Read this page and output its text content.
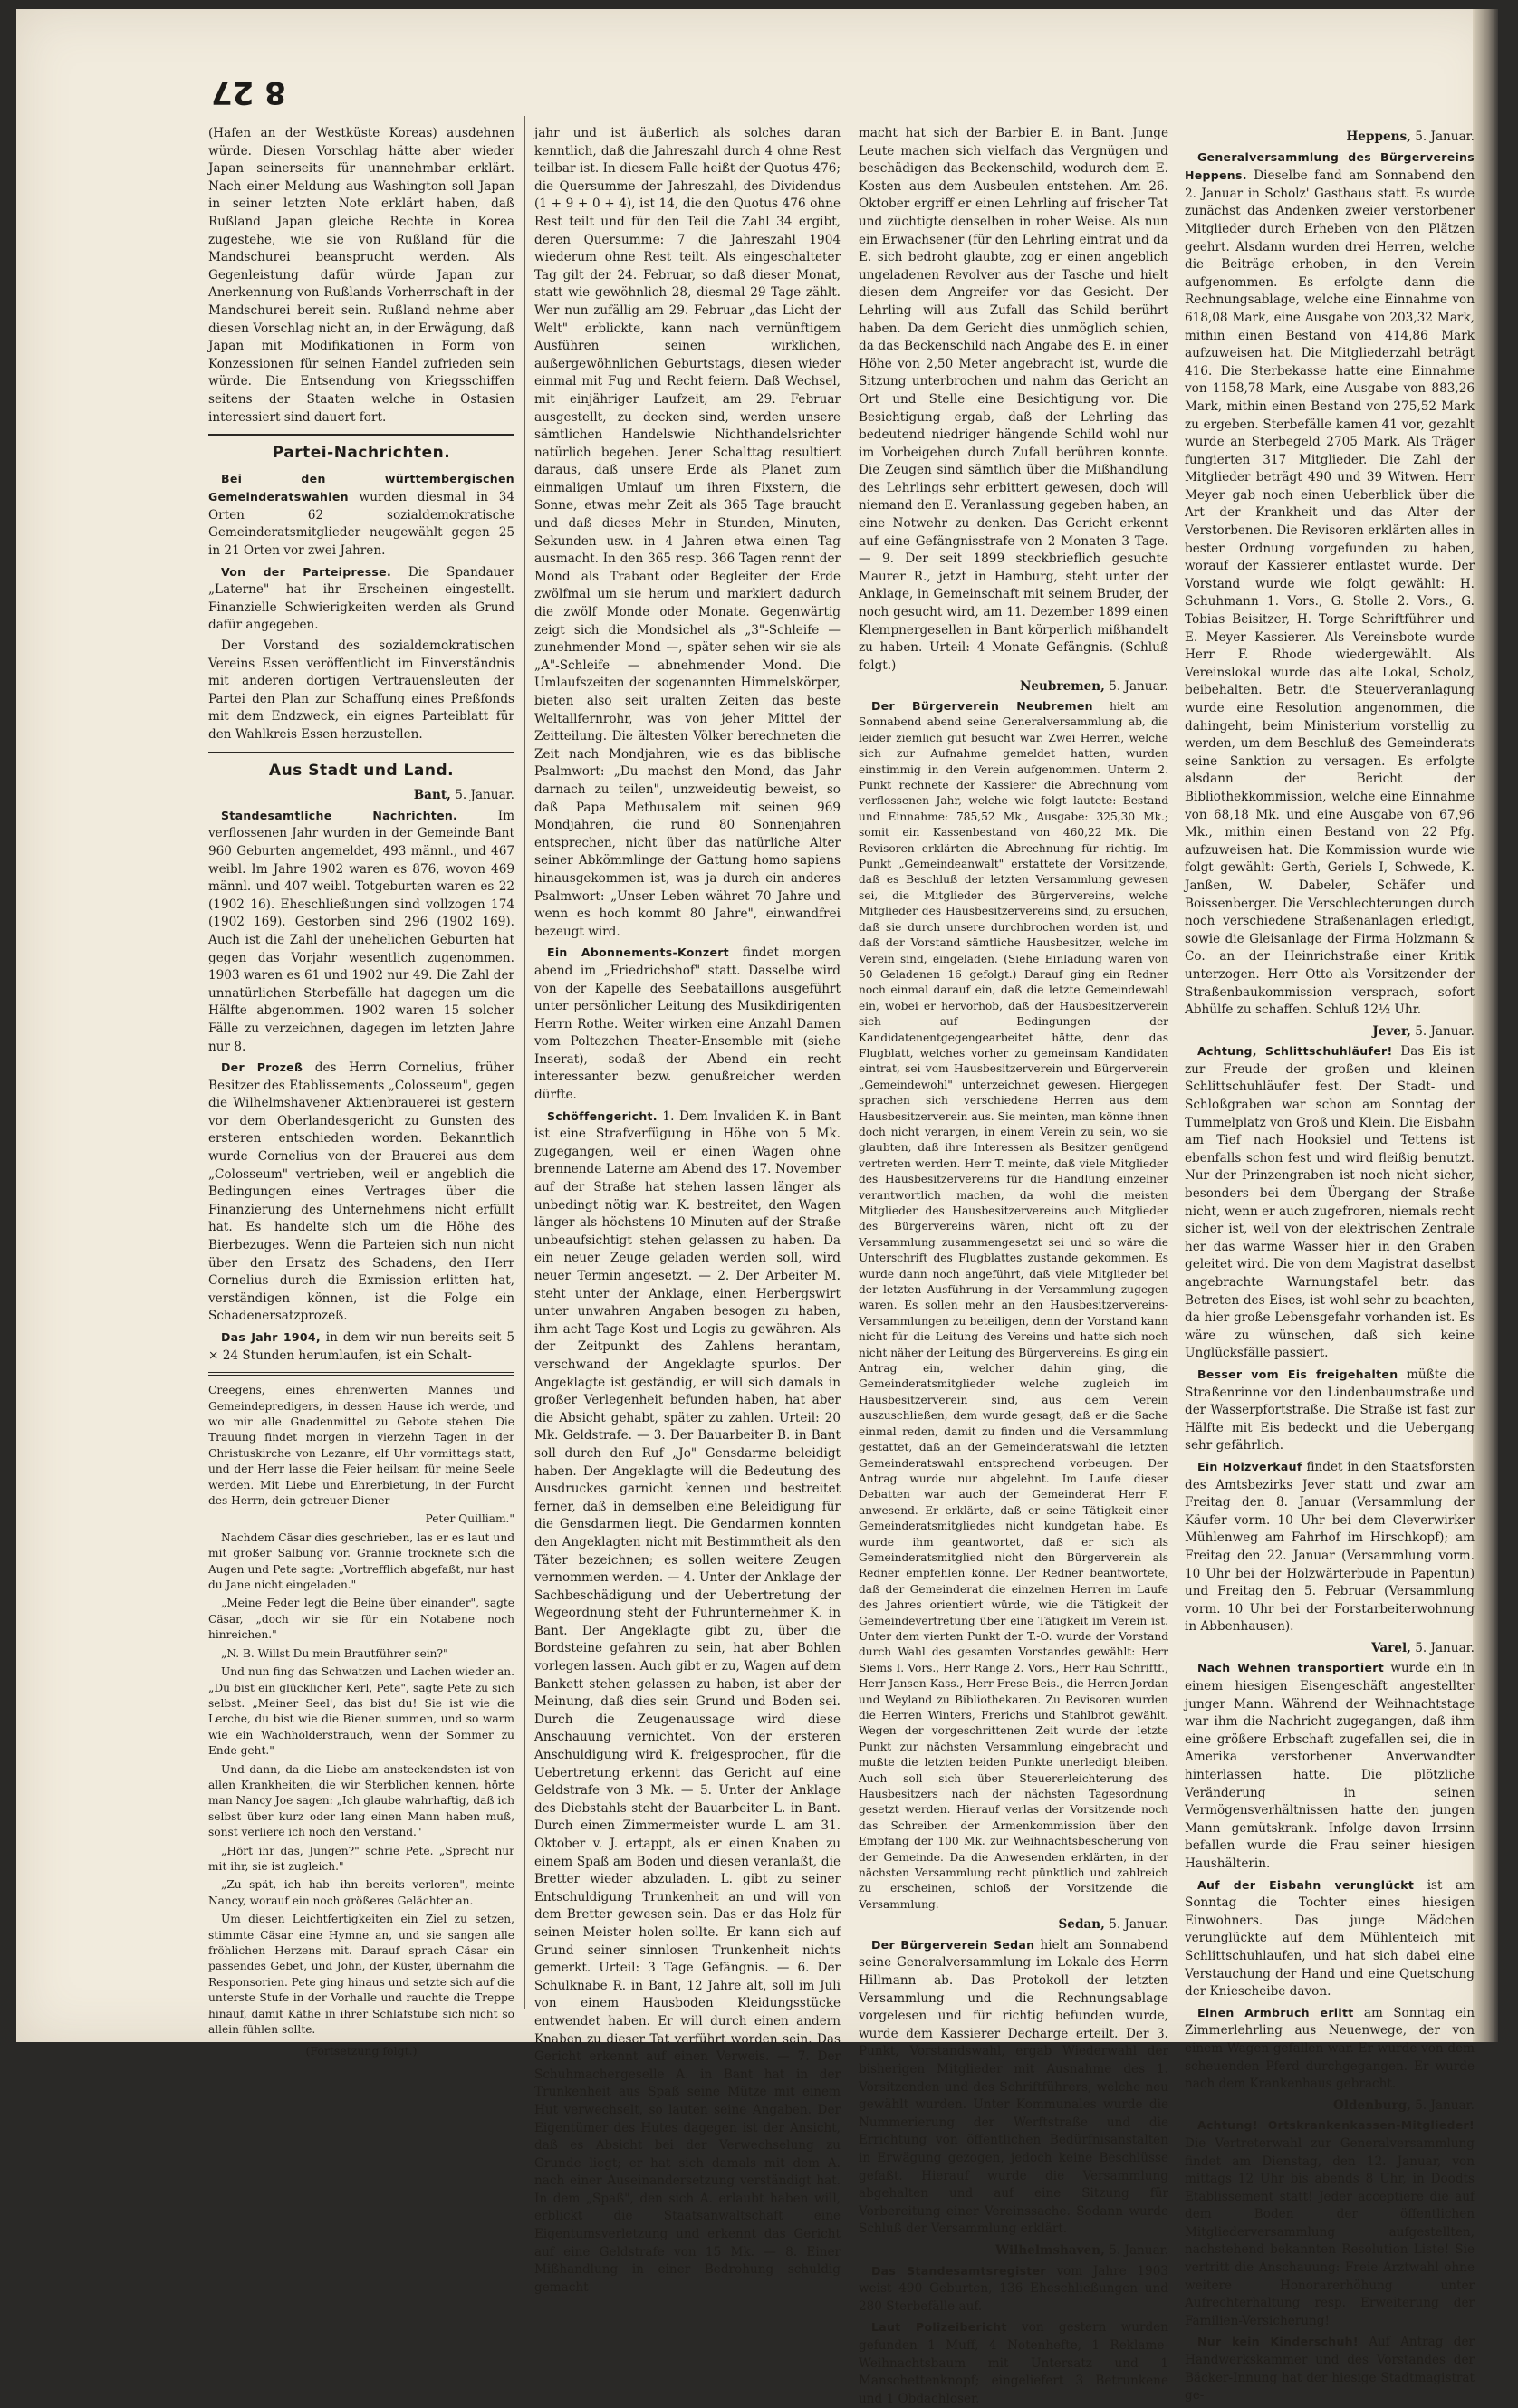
8 27

(Hafen an der Westküste Koreas) ausdehnen würde. Diesen Vorschlag hätte aber wieder Japan seinerseits für unannehmbar erklärt. Nach einer Meldung aus Washington soll Japan in seiner letzten Note erklärt haben, daß Rußland Japan gleiche Rechte in Korea zugestehe, wie sie von Rußland für die Mandschurei beansprucht werden. Als Gegenleistung dafür würde Japan zur Anerkennung von Rußlands Vorherrschaft in der Mandschurei bereit sein. Rußland nehme aber diesen Vorschlag nicht an, in der Erwägung, daß Japan mit Modifikationen in Form von Konzessionen für seinen Handel zufrieden sein würde. Die Entsendung von Kriegsschiffen seitens der Staaten welche in Ostasien interessiert sind dauert fort.

Partei-Nachrichten.

Bei den württembergischen Gemeinderatswahlen wurden diesmal in 34 Orten 62 sozialdemokratische Gemeinderatsmitglieder neugewählt gegen 25 in 21 Orten vor zwei Jahren.

Von der Parteipresse. Die Spandauer „Laterne" hat ihr Erscheinen eingestellt. Finanzielle Schwierigkeiten werden als Grund dafür angegeben.

Der Vorstand des sozialdemokratischen Vereins Essen veröffentlicht im Einverständnis mit anderen dortigen Vertrauensleuten der Partei den Plan zur Schaffung eines Preßfonds mit dem Endzweck, ein eignes Parteiblatt für den Wahlkreis Essen herzustellen.

Aus Stadt und Land.
Bant, 5. Januar.

Standesamtliche Nachrichten. Im verflossenen Jahr wurden in der Gemeinde Bant 960 Geburten angemeldet, 493 männl., und 467 weibl. Im Jahre 1902 waren es 876, wovon 469 männl. und 407 weibl. Totgeburten waren es 22 (1902 16). Eheschließungen sind vollzogen 174 (1902 169). Gestorben sind 296 (1902 169). Auch ist die Zahl der unehelichen Geburten hat gegen das Vorjahr wesentlich zugenommen. 1903 waren es 61 und 1902 nur 49. Die Zahl der unnatürlichen Sterbefälle hat dagegen um die Hälfte abgenommen. 1902 waren 15 solcher Fälle zu verzeichnen, dagegen im letzten Jahre nur 8.

Der Prozeß des Herrn Cornelius, früher Besitzer des Etablissements „Colosseum", gegen die Wilhelmshavener Aktienbrauerei ist gestern vor dem Oberlandesgericht zu Gunsten des ersteren entschieden worden. Bekanntlich wurde Cornelius von der Brauerei aus dem „Colosseum" vertrieben, weil er angeblich die Bedingungen eines Vertrages über die Finanzierung des Unternehmens nicht erfüllt hat. Es handelte sich um die Höhe des Bierbezuges. Wenn die Parteien sich nun nicht über den Ersatz des Schadens, den Herr Cornelius durch die Exmission erlitten hat, verständigen können, ist die Folge ein Schadenersatzprozeß.

Das Jahr 1904, in dem wir nun bereits seit 5 × 24 Stunden herumlaufen, ist ein Schalt-

Creegens, eines ehrenwerten Mannes und Gemeindepredigers, in dessen Hause ich werde, und wo mir alle Gnadenmittel zu Gebote stehen. Die Trauung findet morgen in vierzehn Tagen in der Christuskirche von Lezanre, elf Uhr vormittags statt, und der Herr lasse die Feier heilsam für meine Seele werden. Mit Liebe und Ehrerbietung, in der Furcht des Herrn, dein getreuer Diener

Peter Quilliam."

Nachdem Cäsar dies geschrieben, las er es laut und mit großer Salbung vor. Grannie trocknete sich die Augen und Pete sagte: „Vortrefflich abgefaßt, nur hast du Jane nicht eingeladen."

„Meine Feder legt die Beine über einander", sagte Cäsar, „doch wir sie für ein Notabene noch hinreichen."

„N. B. Willst Du mein Brautführer sein?"

Und nun fing das Schwatzen und Lachen wieder an. „Du bist ein glücklicher Kerl, Pete", sagte Pete zu sich selbst. „Meiner Seel', das bist du! Sie ist wie die Lerche, du bist wie die Bienen summen, und so warm wie ein Wachholderstrauch, wenn der Sommer zu Ende geht."

Und dann, da die Liebe am ansteckendsten ist von allen Krankheiten, die wir Sterblichen kennen, hörte man Nancy Joe sagen: „Ich glaube wahrhaftig, daß ich selbst über kurz oder lang einen Mann haben muß, sonst verliere ich noch den Verstand."

„Hört ihr das, Jungen?" schrie Pete. „Sprecht nur mit ihr, sie ist zugleich."

„Zu spät, ich hab' ihn bereits verloren", meinte Nancy, worauf ein noch größeres Gelächter an.

Um diesen Leichtfertigkeiten ein Ziel zu setzen, stimmte Cäsar eine Hymne an, und sie sangen alle fröhlichen Herzens mit. Darauf sprach Cäsar ein passendes Gebet, und John, der Küster, übernahm die Responsorien. Pete ging hinaus und setzte sich auf die unterste Stufe in der Vorhalle und rauchte die Treppe hinauf, damit Käthe in ihrer Schlafstube sich nicht so allein fühlen sollte.

(Fortsetzung folgt.)

jahr und ist äußerlich als solches daran kenntlich, daß die Jahreszahl durch 4 ohne Rest teilbar ist. In diesem Falle heißt der Quotus 476; die Quersumme der Jahreszahl, des Dividendus (1 + 9 + 0 + 4), ist 14, die den Quotus 476 ohne Rest teilt und für den Teil die Zahl 34 ergibt, deren Quersumme: 7 die Jahreszahl 1904 wiederum ohne Rest teilt. Als eingeschalteter Tag gilt der 24. Februar, so daß dieser Monat, statt wie gewöhnlich 28, diesmal 29 Tage zählt. Wer nun zufällig am 29. Februar „das Licht der Welt" erblickte, kann nach vernünftigem Ausführen seinen wirklichen, außergewöhnlichen Geburtstags, diesen wieder einmal mit Fug und Recht feiern. Daß Wechsel, mit einjähriger Laufzeit, am 29. Februar ausgestellt, zu decken sind, werden unsere sämtlichen Handelswie Nichthandelsrichter natürlich begehen. Jener Schalttag resultiert daraus, daß unsere Erde als Planet zum einmaligen Umlauf um ihren Fixstern, die Sonne, etwas mehr Zeit als 365 Tage braucht und daß dieses Mehr in Stunden, Minuten, Sekunden usw. in 4 Jahren etwa einen Tag ausmacht. In den 365 resp. 366 Tagen rennt der Mond als Trabant oder Begleiter der Erde zwölfmal um sie herum und markiert dadurch die zwölf Monde oder Monate. Gegenwärtig zeigt sich die Mondsichel als „3"-Schleife — zunehmender Mond —, später sehen wir sie als „A"-Schleife — abnehmender Mond. Die Umlaufszeiten der sogenannten Himmelskörper, bieten also seit uralten Zeiten das beste Weltallfernrohr, was von jeher Mittel der Zeitteilung. Die ältesten Völker berechneten die Zeit nach Mondjahren, wie es das biblische Psalmwort: „Du machst den Mond, das Jahr darnach zu teilen", unzweideutig beweist, so daß Papa Methusalem mit seinen 969 Mondjahren, die rund 80 Sonnenjahren entsprechen, nicht über das natürliche Alter seiner Abkömmlinge der Gattung homo sapiens hinausgekommen ist, was ja durch ein anderes Psalmwort: „Unser Leben währet 70 Jahre und wenn es hoch kommt 80 Jahre", einwandfrei bezeugt wird.

Ein Abonnements-Konzert findet morgen abend im „Friedrichshof" statt. Dasselbe wird von der Kapelle des Seebataillons ausgeführt unter persönlicher Leitung des Musikdirigenten Herrn Rothe. Weiter wirken eine Anzahl Damen vom Poltezchen Theater-Ensemble mit (siehe Inserat), sodaß der Abend ein recht interessanter bezw. genußreicher werden dürfte.

Schöffengericht. 1. Dem Invaliden K. in Bant ist eine Strafverfügung in Höhe von 5 Mk. zugegangen, weil er einen Wagen ohne brennende Laterne am Abend des 17. November auf der Straße hat stehen lassen länger als unbedingt nötig war. K. bestreitet, den Wagen länger als höchstens 10 Minuten auf der Straße unbeaufsichtigt stehen gelassen zu haben. Da ein neuer Zeuge geladen werden soll, wird neuer Termin angesetzt. — 2. Der Arbeiter M. steht unter der Anklage, einen Herbergswirt unter unwahren Angaben besogen zu haben, ihm acht Tage Kost und Logis zu gewähren. Als der Zeitpunkt des Zahlens herantam, verschwand der Angeklagte spurlos. Der Angeklagte ist geständig, er will sich damals in großer Verlegenheit befunden haben, hat aber die Absicht gehabt, später zu zahlen. Urteil: 20 Mk. Geldstrafe. — 3. Der Bauarbeiter B. in Bant soll durch den Ruf „Jo" Gensdarme beleidigt haben. Der Angeklagte will die Bedeutung des Ausdruckes garnicht kennen und bestreitet ferner, daß in demselben eine Beleidigung für die Gensdarmen liegt. Die Gendarmen konnten den Angeklagten nicht mit Bestimmtheit als den Täter bezeichnen; es sollen weitere Zeugen vernommen werden. — 4. Unter der Anklage der Sachbeschädigung und der Uebertretung der Wegeordnung steht der Fuhrunternehmer K. in Bant. Der Angeklagte gibt zu, über die Bordsteine gefahren zu sein, hat aber Bohlen vorlegen lassen. Auch gibt er zu, Wagen auf dem Bankett stehen gelassen zu haben, ist aber der Meinung, daß dies sein Grund und Boden sei. Durch die Zeugenaussage wird diese Anschauung vernichtet. Von der ersteren Anschuldigung wird K. freigesprochen, für die Uebertretung erkennt das Gericht auf eine Geldstrafe von 3 Mk. — 5. Unter der Anklage des Diebstahls steht der Bauarbeiter L. in Bant. Durch einen Zimmermeister wurde L. am 31. Oktober v. J. ertappt, als er einen Knaben zu einem Spaß am Boden und diesen veranlaßt, die Bretter wieder abzuladen. L. gibt zu seiner Entschuldigung Trunkenheit an und will von dem Bretter gewesen sein. Das er das Holz für seinen Meister holen sollte. Er kann sich auf Grund seiner sinnlosen Trunkenheit nichts gemerkt. Urteil: 3 Tage Gefängnis. — 6. Der Schulknabe R. in Bant, 12 Jahre alt, soll im Juli von einem Hausboden Kleidungsstücke entwendet haben. Er will durch einen andern Knaben zu dieser Tat verführt worden sein. Das Gericht erkennt auf einen Verweis. — 7. Der Schuhmachergeselle A. in Bant hat in der Trunkenheit aus Spaß seine Mütze mit einem Hut verwechselt, so lauten seine Angaben. Der Eigentümer des Hutes dagegen ist der Ansicht, daß es Absicht bei der Verwechselung zu Grunde liegt; er hat sich damals mit dem A. nach einer Auseinandersetzung verständigt hat. In dem „Spaß", den sich A. erlaubt haben will, erblickt die Staatsanwaltschaft eine Eigentumsverletzung und erkennt das Gericht auf eine Geldstrafe von 15 Mk. — 8. Einer Mißhandlung in einer Bedrohung schuldig gemacht

macht hat sich der Barbier E. in Bant. Junge Leute machen sich vielfach das Vergnügen und beschädigen das Beckenschild, wodurch dem E. Kosten aus dem Ausbeulen entstehen. Am 26. Oktober ergriff er einen Lehrling auf frischer Tat und züchtigte denselben in roher Weise. Als nun ein Erwachsener (für den Lehrling eintrat und da E. sich bedroht glaubte, zog er einen angeblich ungeladenen Revolver aus der Tasche und hielt diesen dem Angreifer vor das Gesicht. Der Lehrling will aus Zufall das Schild berührt haben. Da dem Gericht dies unmöglich schien, da das Beckenschild nach Angabe des E. in einer Höhe von 2,50 Meter angebracht ist, wurde die Sitzung unterbrochen und nahm das Gericht an Ort und Stelle eine Besichtigung vor. Die Besichtigung ergab, daß der Lehrling das bedeutend niedriger hängende Schild wohl nur im Vorbeigehen durch Zufall berühren konnte. Die Zeugen sind sämtlich über die Mißhandlung des Lehrlings sehr erbittert gewesen, doch will niemand den E. Veranlassung gegeben haben, an eine Notwehr zu denken. Das Gericht erkennt auf eine Gefängnisstrafe von 2 Monaten 3 Tage. — 9. Der seit 1899 steckbrieflich gesuchte Maurer R., jetzt in Hamburg, steht unter der Anklage, in Gemeinschaft mit seinem Bruder, der noch gesucht wird, am 11. Dezember 1899 einen Klempnergesellen in Bant körperlich mißhandelt zu haben. Urteil: 4 Monate Gefängnis. (Schluß folgt.)

Neubremen, 5. Januar.

Der Bürgerverein Neubremen hielt am Sonnabend abend seine Generalversammlung ab, die leider ziemlich gut besucht war. Zwei Herren, welche sich zur Aufnahme gemeldet hatten, wurden einstimmig in den Verein aufgenommen. Unterm 2. Punkt rechnete der Kassierer die Abrechnung vom verflossenen Jahr, welche wie folgt lautete: Bestand und Einnahme: 785,52 Mk., Ausgabe: 325,30 Mk.; somit ein Kassenbestand von 460,22 Mk. Die Revisoren erklärten die Abrechnung für richtig. Im Punkt „Gemeindeanwalt" erstattete der Vorsitzende, daß es Beschluß der letzten Versammlung gewesen sei, die Mitglieder des Bürgervereins, welche Mitglieder des Hausbesitzervereins sind, zu ersuchen, daß sie durch unsere durchbrochen worden ist, und daß der Vorstand sämtliche Hausbesitzer, welche im Verein sind, eingeladen. (Siehe Einladung waren von 50 Geladenen 16 gefolgt.) Darauf ging ein Redner noch einmal darauf ein, daß die letzte Gemeindewahl ein, wobei er hervorhob, daß der Hausbesitzerverein sich auf Bedingungen der Kandidatenentgegengearbeitet hätte, denn das Flugblatt, welches vorher zu gemeinsam Kandidaten eintrat, sei vom Hausbesitzerverein und Bürgerverein „Gemeindewohl" unterzeichnet gewesen. Hiergegen sprachen sich verschiedene Herren aus dem Hausbesitzerverein aus. Sie meinten, man könne ihnen doch nicht verargen, in einem Verein zu sein, wo sie glaubten, daß ihre Interessen als Besitzer genügend vertreten werden. Herr T. meinte, daß viele Mitglieder des Hausbesitzervereins für die Handlung einzelner verantwortlich machen, da wohl die meisten Mitglieder des Hausbesitzervereins auch Mitglieder des Bürgervereins wären, nicht oft zu der Versammlung zusammengesetzt sei und so wäre die Unterschrift des Flugblattes zustande gekommen. Es wurde dann noch angeführt, daß viele Mitglieder bei der letzten Ausführung in der Versammlung zugegen waren. Es sollen mehr an den Hausbesitzervereins-Versammlungen zu beteiligen, denn der Vorstand kann nicht für die Leitung des Vereins und hatte sich noch nicht näher der Leitung des Bürgervereins. Es ging ein Antrag ein, welcher dahin ging, die Gemeinderatsmitglieder welche zugleich im Hausbesitzerverein sind, aus dem Verein auszuschließen, dem wurde gesagt, daß er die Sache einmal reden, damit zu finden und die Versammlung gestattet, daß an der Gemeinderatswahl die letzten Gemeinderatswahl entsprechend vorbeugen. Der Antrag wurde nur abgelehnt. Im Laufe dieser Debatten war auch der Gemeinderat Herr F. anwesend. Er erklärte, daß er seine Tätigkeit einer Gemeinderatsmitgliedes nicht kundgetan habe. Es wurde ihm geantwortet, daß er sich als Gemeinderatsmitglied nicht den Bürgerverein als Redner empfehlen könne. Der Redner beantwortete, daß der Gemeinderat die einzelnen Herren im Laufe des Jahres orientiert würde, wie die Tätigkeit der Gemeindevertretung über eine Tätigkeit im Verein ist. Unter dem vierten Punkt der T.-O. wurde der Vorstand durch Wahl des gesamten Vorstandes gewählt: Herr Siems I. Vors., Herr Range 2. Vors., Herr Rau Schriftf., Herr Jansen Kass., Herr Frese Beis., die Herren Jordan und Weyland zu Bibliothekaren. Zu Revisoren wurden die Herren Winters, Frerichs und Stahlbrot gewählt. Wegen der vorgeschrittenen Zeit wurde der letzte Punkt zur nächsten Versammlung eingebracht und mußte die letzten beiden Punkte unerledigt bleiben. Auch soll sich über Steuererleichterung des Hausbesitzers nach der nächsten Tagesordnung gesetzt werden. Hierauf verlas der Vorsitzende noch das Schreiben der Armenkommission über den Empfang der 100 Mk. zur Weihnachtsbescherung von der Gemeinde. Da die Anwesenden erklärten, in der nächsten Versammlung recht pünktlich und zahlreich zu erscheinen, schloß der Vorsitzende die Versammlung.

Sedan, 5. Januar.

Der Bürgerverein Sedan hielt am Sonnabend seine Generalversammlung im Lokale des Herrn Hillmann ab. Das Protokoll der letzten Versammlung und die Rechnungsablage vorgelesen und für richtig befunden wurde, wurde dem Kassierer Decharge erteilt. Der 3. Punkt, Vorstandswahl, ergab Wiederwahl der bisherigen Mitglieder mit Ausnahme des 1. Vorsitzenden und des Schriftführers, welche neu gewählt wurden. Unter Kommunales wurde die Nummerierung der Werftstraße und die Errichtung von öffentlichen Bedürfnisanstalten in Erwägung gezogen, jedoch keine Beschlüsse gefaßt. Hierauf wurde die Versammlung abgehalten und auf eine Sitzung für Vorbereitung einer Vereinssache. Sodann wurde Schluß der Versammlung erklärt.

Wilhelmshaven, 5. Januar.

Das Standesamtsregister vom Jahre 1903 weist 490 Geburten, 136 Eheschließungen und 280 Sterbefälle auf.

Laut Polizeibericht von gestern wurden gefunden 1 Muff, 4 Notenhefte, 1 Reklame-Weihnachtsbaum mit Untersatz und 1 Manschettenknopf; eingeliefert 3 Betrunkene und 1 Obdachloser.

Heppens, 5. Januar.

Generalversammlung des Bürgervereins Heppens. Dieselbe fand am Sonnabend den 2. Januar in Scholz' Gasthaus statt. Es wurde zunächst das Andenken zweier verstorbener Mitglieder durch Erheben von den Plätzen geehrt. Alsdann wurden drei Herren, welche die Beiträge erhoben, in den Verein aufgenommen. Es erfolgte dann die Rechnungsablage, welche eine Einnahme von 618,08 Mark, eine Ausgabe von 203,32 Mark, mithin einen Bestand von 414,86 Mark aufzuweisen hat. Die Mitgliederzahl beträgt 416. Die Sterbekasse hatte eine Einnahme von 1158,78 Mark, eine Ausgabe von 883,26 Mark, mithin einen Bestand von 275,52 Mark zu ergeben. Sterbefälle kamen 41 vor, gezahlt wurde an Sterbegeld 2705 Mark. Als Träger fungierten 317 Mitglieder. Die Zahl der Mitglieder beträgt 490 und 39 Witwen. Herr Meyer gab noch einen Ueberblick über die Art der Krankheit und das Alter der Verstorbenen. Die Revisoren erklärten alles in bester Ordnung vorgefunden zu haben, worauf der Kassierer entlastet wurde. Der Vorstand wurde wie folgt gewählt: H. Schuhmann 1. Vors., G. Stolle 2. Vors., G. Tobias Beisitzer, H. Torge Schriftführer und E. Meyer Kassierer. Als Vereinsbote wurde Herr F. Rhode wiedergewählt. Als Vereinslokal wurde das alte Lokal, Scholz, beibehalten. Betr. die Steuerveranlagung wurde eine Resolution angenommen, die dahingeht, beim Ministerium vorstellig zu werden, um dem Beschluß des Gemeinderats seine Sanktion zu versagen. Es erfolgte alsdann der Bericht der Bibliothekkommission, welche eine Einnahme von 68,18 Mk. und eine Ausgabe von 67,96 Mk., mithin einen Bestand von 22 Pfg. aufzuweisen hat. Die Kommission wurde wie folgt gewählt: Gerth, Geriels I, Schwede, K. Janßen, W. Dabeler, Schäfer und Boissenberger. Die Verschlechterungen durch noch verschiedene Straßenanlagen erledigt, sowie die Gleisanlage der Firma Holzmann & Co. an der Heinrichstraße einer Kritik unterzogen. Herr Otto als Vorsitzender der Straßenbaukommission versprach, sofort Abhülfe zu schaffen. Schluß 12½ Uhr.

Jever, 5. Januar.

Achtung, Schlittschuhläufer! Das Eis ist zur Freude der großen und kleinen Schlittschuhläufer fest. Der Stadt- und Schloßgraben war schon am Sonntag der Tummelplatz von Groß und Klein. Die Eisbahn am Tief nach Hooksiel und Tettens ist ebenfalls schon fest und wird fleißig benutzt. Nur der Prinzengraben ist noch nicht sicher, besonders bei dem Übergang der Straße nicht, wenn er auch zugefroren, niemals recht sicher ist, weil von der elektrischen Zentrale her das warme Wasser hier in den Graben geleitet wird. Die von dem Magistrat daselbst angebrachte Warnungstafel betr. das Betreten des Eises, ist wohl sehr zu beachten, da hier große Lebensgefahr vorhanden ist. Es wäre zu wünschen, daß sich keine Unglücksfälle passiert.

Besser vom Eis freigehalten müßte die Straßenrinne vor den Lindenbaumstraße und der Wasserpfortstraße. Die Straße ist fast zur Hälfte mit Eis bedeckt und die Uebergang sehr gefährlich.

Ein Holzverkauf findet in den Staatsforsten des Amtsbezirks Jever statt und zwar am Freitag den 8. Januar (Versammlung der Käufer vorm. 10 Uhr bei dem Cleverwirker Mühlenweg am Fahrhof im Hirschkopf); am Freitag den 22. Januar (Versammlung vorm. 10 Uhr bei der Holzwärterbude in Papentun) und Freitag den 5. Februar (Versammlung vorm. 10 Uhr bei der Forstarbeiterwohnung in Abbenhausen).

Varel, 5. Januar.

Nach Wehnen transportiert wurde ein in einem hiesigen Eisengeschäft angestellter junger Mann. Während der Weihnachtstage war ihm die Nachricht zugegangen, daß ihm eine größere Erbschaft zugefallen sei, die in Amerika verstorbener Anverwandter hinterlassen hatte. Die plötzliche Veränderung in seinen Vermögensverhältnissen hatte den jungen Mann gemütskrank. Infolge davon Irrsinn befallen wurde die Frau seiner hiesigen Haushälterin.

Auf der Eisbahn verunglückt ist am Sonntag die Tochter eines hiesigen Einwohners. Das junge Mädchen verunglückte auf dem Mühlenteich mit Schlittschuhlaufen, und hat sich dabei eine Verstauchung der Hand und eine Quetschung der Kniescheibe davon.

Einen Armbruch erlitt am Sonntag ein Zimmerlehrling aus Neuenwege, der von einem Wagen gefallen war. Er wurde von dem scheuenden Pferd durchgegangen. Er wurde nach dem Krankenhaus gebracht.

Oldenburg, 5. Januar.

Achtung! Ortskrankenkassen-Mitglieder! Die Vertreterwahl zur Generalversammlung findet am Dienstag, den 12. Januar, von mittags 12 Uhr bis abends 8 Uhr, in Doodts Etablissement statt! Jeder acceptiere die auf dem Boden der öffentlichen Mitgliederversammlung aufgestellten, nachstehend bekannten Resolution Liste! Sie vertritt die Anschauung: Freie Arztwahl ohne weitere Honorarerhöhung unter Aufrechterhaltung resp. Erweiterung der Familien-Versicherung!

Nur kein Kinderschuh! Auf Antrag der Handwerkskammer und des Vorstandes der Bäcker-Innung hat der hiesige Stadtmagistrat ge-
